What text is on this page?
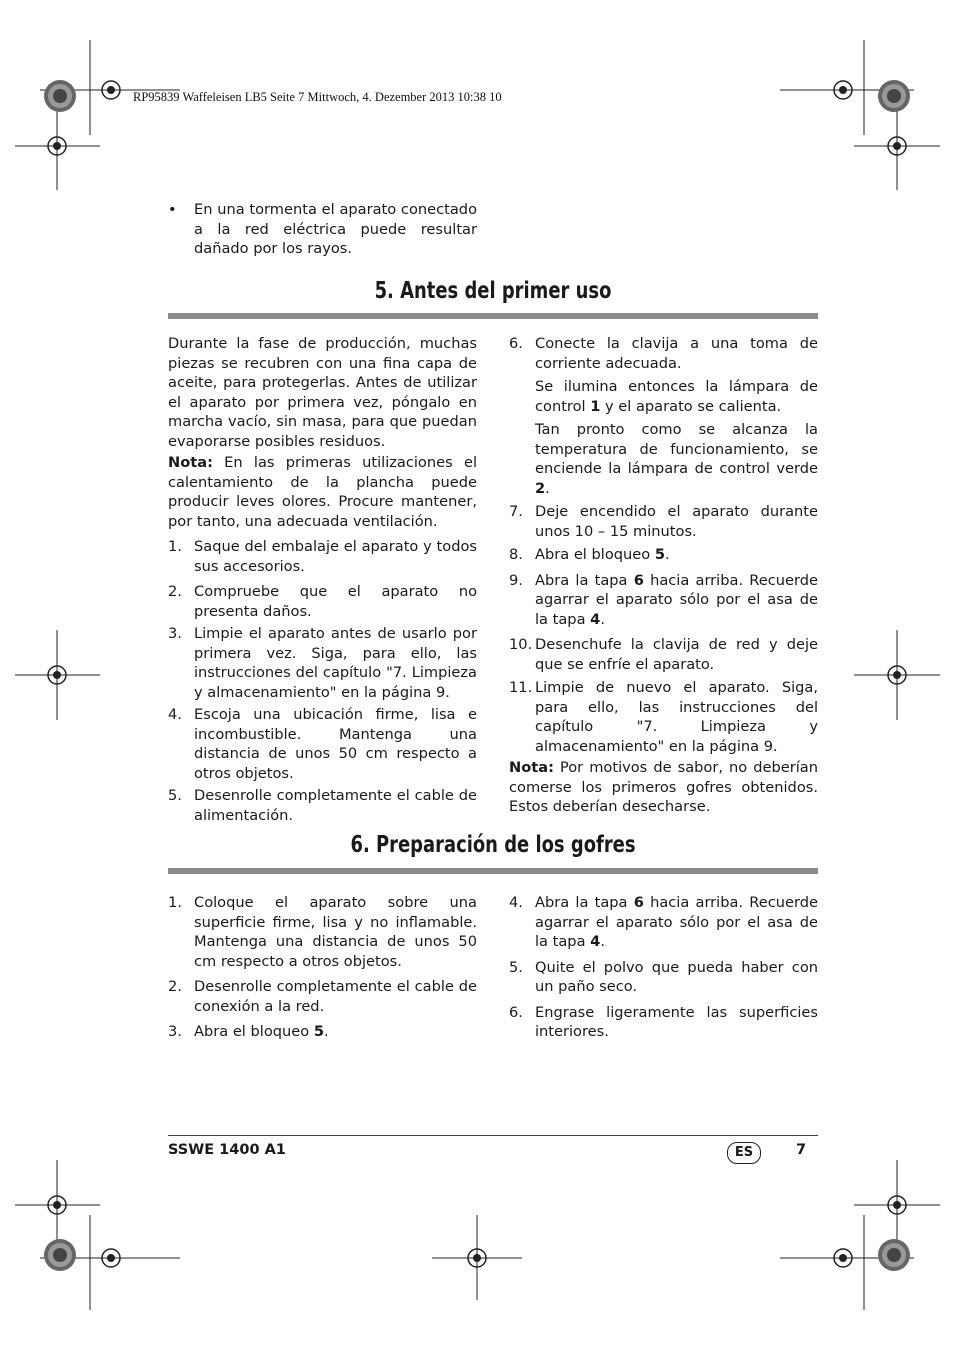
RP95839 Waffeleisen LB5 Seite 7 Mittwoch, 4. Dezember 2013 10:38 10
•	En una tormenta el aparato conectado a la red eléctrica puede resultar dañado por los rayos.
5. Antes del primer uso

Durante la fase de producción, muchas piezas se recubren con una fina capa de aceite, para protegerlas. Antes de utilizar el aparato por primera vez, póngalo en marcha vacío, sin masa, para que puedan evaporarse posibles residuos.

Nota: En las primeras utilizaciones el calentamiento de la plancha puede producir leves olores. Procure mantener, por tanto, una adecuada ventilación.

1. Saque del embalaje el aparato y todos sus accesorios.
2. Compruebe que el aparato no presenta daños.
3. Limpie el aparato antes de usarlo por primera vez. Siga, para ello, las instrucciones del capítulo "7. Limpieza y almacenamiento" en la página 9.
4. Escoja una ubicación firme, lisa e incombustible. Mantenga una distancia de unos 50 cm respecto a otros objetos.
5. Desenrolle completamente el cable de alimentación.
6. Conecte la clavija a una toma de corriente adecuada.

Se ilumina entonces la lámpara de control 1 y el aparato se calienta.

Tan pronto como se alcanza la temperatura de funcionamiento, se enciende la lámpara de control verde 2.

7. Deje encendido el aparato durante unos 10 – 15 minutos.
8. Abra el bloqueo 5.
9. Abra la tapa 6 hacia arriba. Recuerde agarrar el aparato sólo por el asa de la tapa 4.
10. Desenchufe la clavija de red y deje que se enfríe el aparato.
11. Limpie de nuevo el aparato. Siga, para ello, las instrucciones del capítulo "7. Limpieza y almacenamiento" en la página 9.

Nota: Por motivos de sabor, no deberían comerse los primeros gofres obtenidos. Estos deberían desecharse.

6. Preparación de los gofres
1. Coloque el aparato sobre una superficie firme, lisa y no inflamable. Mantenga una distancia de unos 50 cm respecto a otros objetos.
2. Desenrolle completamente el cable de conexión a la red.
3. Abra el bloqueo 5.
4. Abra la tapa 6 hacia arriba. Recuerde agarrar el aparato sólo por el asa de la tapa 4.
5. Quite el polvo que pueda haber con un paño seco.
6. Engrase ligeramente las superficies interiores.
SSWE 1400 A1	ES	7
